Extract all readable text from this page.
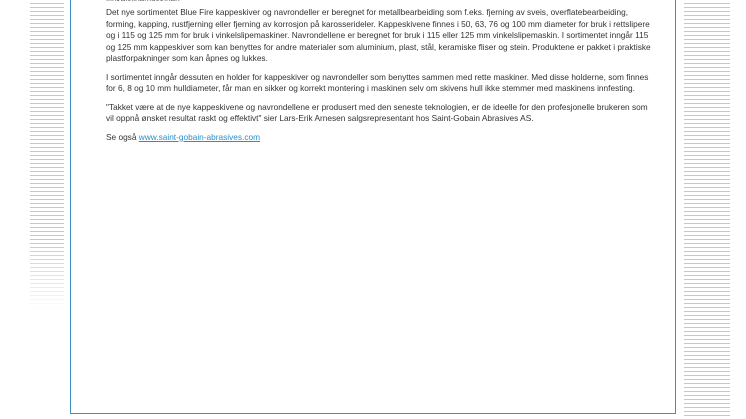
Det nye sortimentet Blue Fire kappeskiver og navrondeller er beregnet for metallbearbeiding som f.eks. fjerning av sveis, overflatebearbeiding, forming, kapping, rustfjerning eller fjerning av korrosjon på karosserideler. Kappeskivene finnes i 50, 63, 76 og 100 mm diameter for bruk i rettslipere og i 115 og 125 mm for bruk i vinkelslipemaskiner. Navrondellene er beregnet for bruk i 115 eller 125 mm vinkelslipemaskin. I sortimentet inngår 115 og 125 mm kappeskiver som kan benyttes for andre materialer som aluminium, plast, stål, keramiske fliser og stein. Produktene er pakket i praktiske plastforpakninger som kan åpnes og lukkes.

I sortimentet inngår dessuten en holder for kappeskiver og navrondeller som benyttes sammen med rette maskiner. Med disse holderne, som finnes for 6, 8 og 10 mm hulldiameter, får man en sikker og korrekt montering i maskinen selv om skivens hull ikke stemmer med maskinens innfesting.

"Takket være at de nye kappeskivene og navrondellene er produsert med den seneste teknologien, er de ideelle for den profesjonelle brukeren som vil oppnå ønsket resultat raskt og effektivt" sier Lars-Erik Arnesen salgsrepresentant hos Saint-Gobain Abrasives AS.

Se også www.saint-gobain-abrasives.com
